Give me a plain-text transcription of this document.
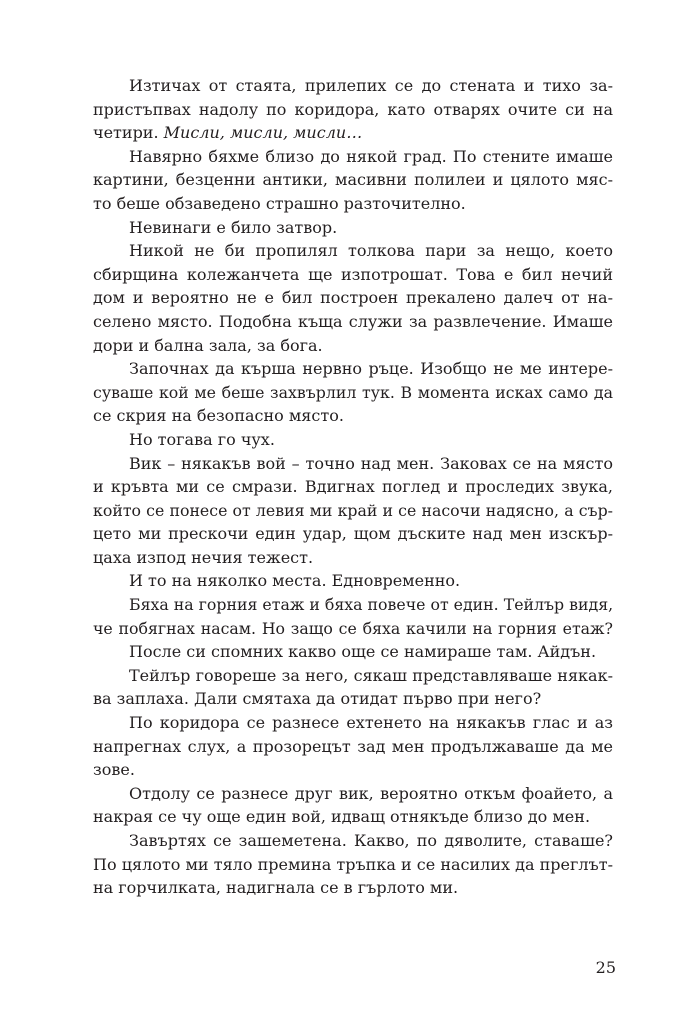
Изтичах от стаята, прилепих се до стената и тихо за-
пристъпвах надолу по коридора, като отварях очите си на
четири. Мисли, мисли, мисли…
Навярно бяхме близо до някой град. По стените имаше
картини, безценни антики, масивни полилеи и цялото мяс-
то беше обзаведено страшно разточително.
Невинаги е било затвор.
Никой не би пропилял толкова пари за нещо, което
сбирщина колежанчета ще изпотрошат. Това е бил нечий
дом и вероятно не е бил построен прекалено далеч от на-
селено място. Подобна къща служи за развлечение. Имаше
дори и бална зала, за бога.
Започнах да кърша нервно ръце. Изобщо не ме интере-
суваше кой ме беше захвърлил тук. В момента исках само да
се скрия на безопасно място.
Но тогава го чух.
Вик – някакъв вой – точно над мен. Заковах се на място
и кръвта ми се смрази. Вдигнах поглед и проследих звука,
който се понесе от левия ми край и се насочи надясно, а сър-
цето ми прескочи един удар, щом дъските над мен изскър-
цаха изпод нечия тежест.
И то на няколко места. Едновременно.
Бяха на горния етаж и бяха повече от един. Тейлър видя,
че побягнах насам. Но защо се бяха качили на горния етаж?
После си спомних какво още се намираше там. Айдън.
Тейлър говореше за него, сякаш представляваше някак-
ва заплаха. Дали смятаха да отидат първо при него?
По коридора се разнесе ехтенето на някакъв глас и аз
напрегнах слух, а прозорецът зад мен продължаваше да ме
зове.
Отдолу се разнесе друг вик, вероятно откъм фоайето, а
накрая се чу още един вой, идващ отнякъде близо до мен.
Завъртях се зашеметена. Какво, по дяволите, ставаше?
По цялото ми тяло премина тръпка и се насилих да преглът-
на горчилката, надигнала се в гърлото ми.
25
